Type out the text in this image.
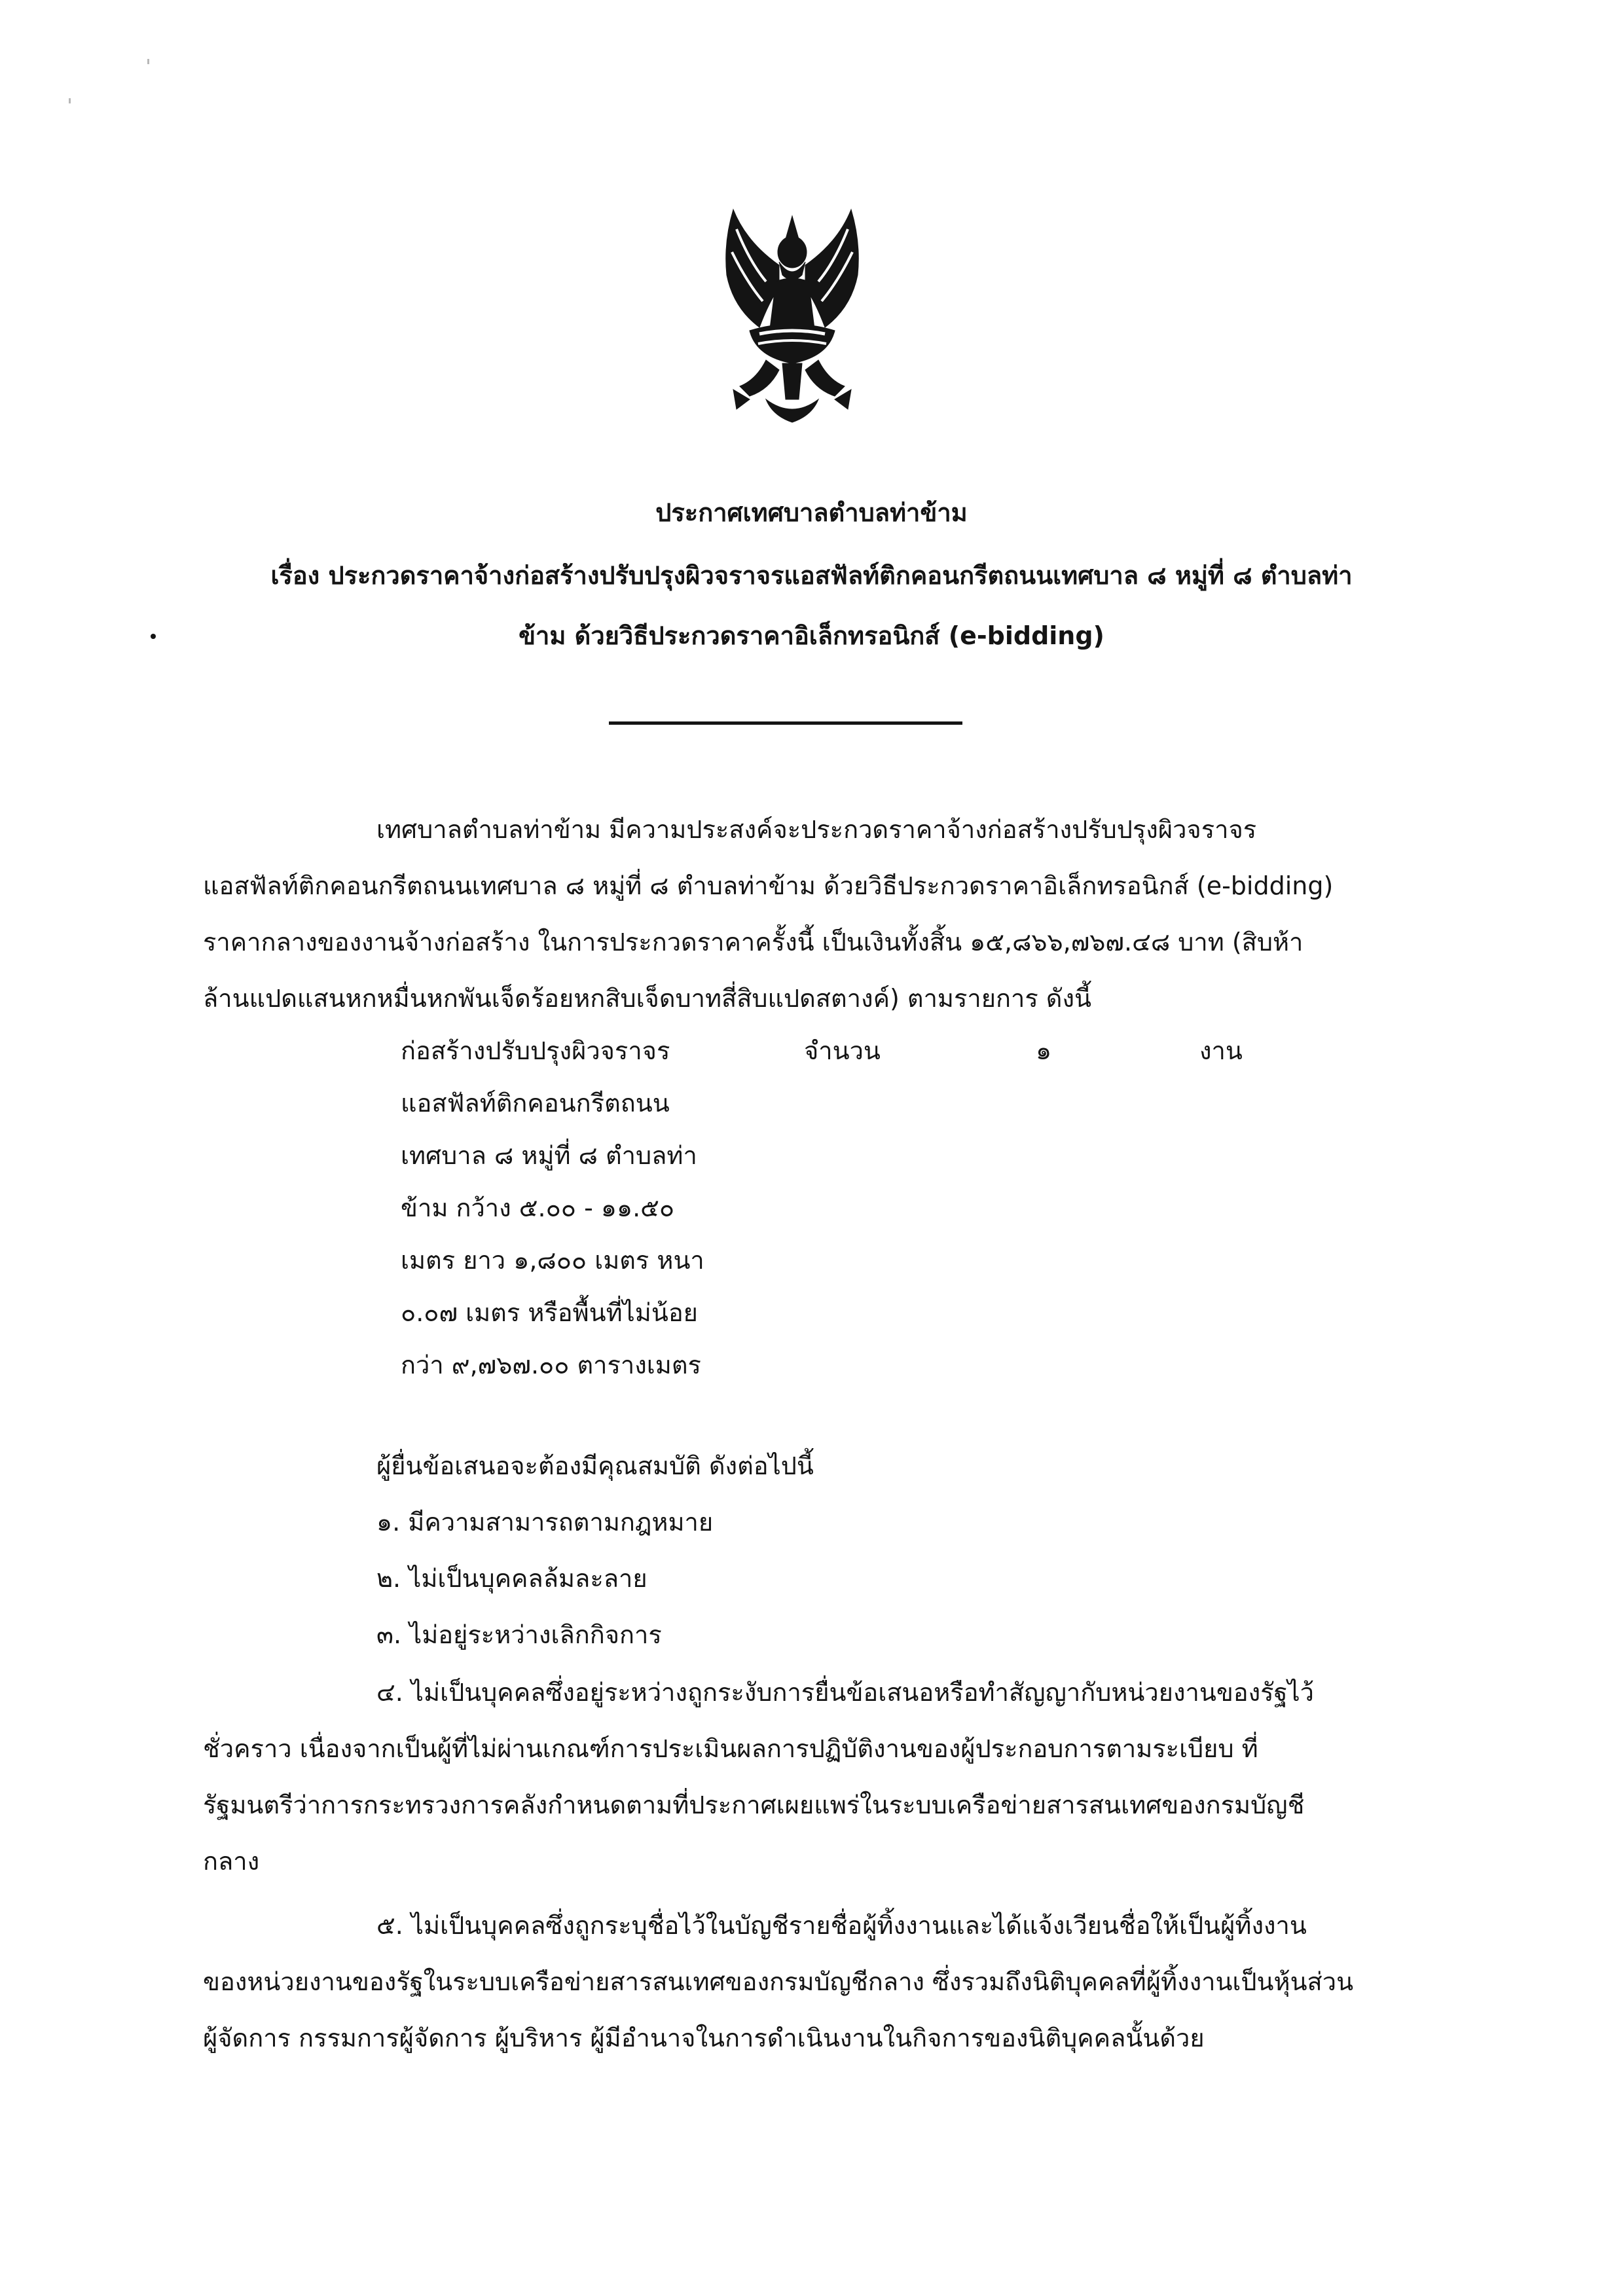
ประกาศเทศบาลตำบลท่าข้าม
เรื่อง ประกวดราคาจ้างก่อสร้างปรับปรุงผิวจราจรแอสฟัลท์ติกคอนกรีตถนนเทศบาล ๘ หมู่ที่ ๘ ตำบลท่า
ข้าม ด้วยวิธีประกวดราคาอิเล็กทรอนิกส์ (e-bidding)
เทศบาลตำบลท่าข้าม มีความประสงค์จะประกวดราคาจ้างก่อสร้างปรับปรุงผิวจราจร
แอสฟัลท์ติกคอนกรีตถนนเทศบาล ๘ หมู่ที่ ๘ ตำบลท่าข้าม ด้วยวิธีประกวดราคาอิเล็กทรอนิกส์ (e-bidding)
ราคากลางของงานจ้างก่อสร้าง ในการประกวดราคาครั้งนี้ เป็นเงินทั้งสิ้น ๑๕,๘๖๖,๗๖๗.๔๘ บาท (สิบห้า
ล้านแปดแสนหกหมื่นหกพันเจ็ดร้อยหกสิบเจ็ดบาทสี่สิบแปดสตางค์) ตามรายการ ดังนี้
ก่อสร้างปรับปรุงผิวจราจร
แอสฟัลท์ติกคอนกรีตถนน
เทศบาล ๘ หมู่ที่ ๘ ตำบลท่า
ข้าม กว้าง ๕.๐๐ - ๑๑.๕๐
เมตร ยาว ๑,๘๐๐ เมตร หนา
๐.๐๗ เมตร หรือพื้นที่ไม่น้อย
กว่า ๙,๗๖๗.๐๐ ตารางเมตร
จำนวน	๑	งาน
ผู้ยื่นข้อเสนอจะต้องมีคุณสมบัติ ดังต่อไปนี้
๑. มีความสามารถตามกฎหมาย
๒. ไม่เป็นบุคคลล้มละลาย
๓. ไม่อยู่ระหว่างเลิกกิจการ
๔. ไม่เป็นบุคคลซึ่งอยู่ระหว่างถูกระงับการยื่นข้อเสนอหรือทำสัญญากับหน่วยงานของรัฐไว้
ชั่วคราว เนื่องจากเป็นผู้ที่ไม่ผ่านเกณฑ์การประเมินผลการปฏิบัติงานของผู้ประกอบการตามระเบียบ ที่
รัฐมนตรีว่าการกระทรวงการคลังกำหนดตามที่ประกาศเผยแพร่ในระบบเครือข่ายสารสนเทศของกรมบัญชี
กลาง
๕. ไม่เป็นบุคคลซึ่งถูกระบุชื่อไว้ในบัญชีรายชื่อผู้ทิ้งงานและได้แจ้งเวียนชื่อให้เป็นผู้ทิ้งงาน
ของหน่วยงานของรัฐในระบบเครือข่ายสารสนเทศของกรมบัญชีกลาง ซึ่งรวมถึงนิติบุคคลที่ผู้ทิ้งงานเป็นหุ้นส่วน
ผู้จัดการ กรรมการผู้จัดการ ผู้บริหาร ผู้มีอำนาจในการดำเนินงานในกิจการของนิติบุคคลนั้นด้วย
